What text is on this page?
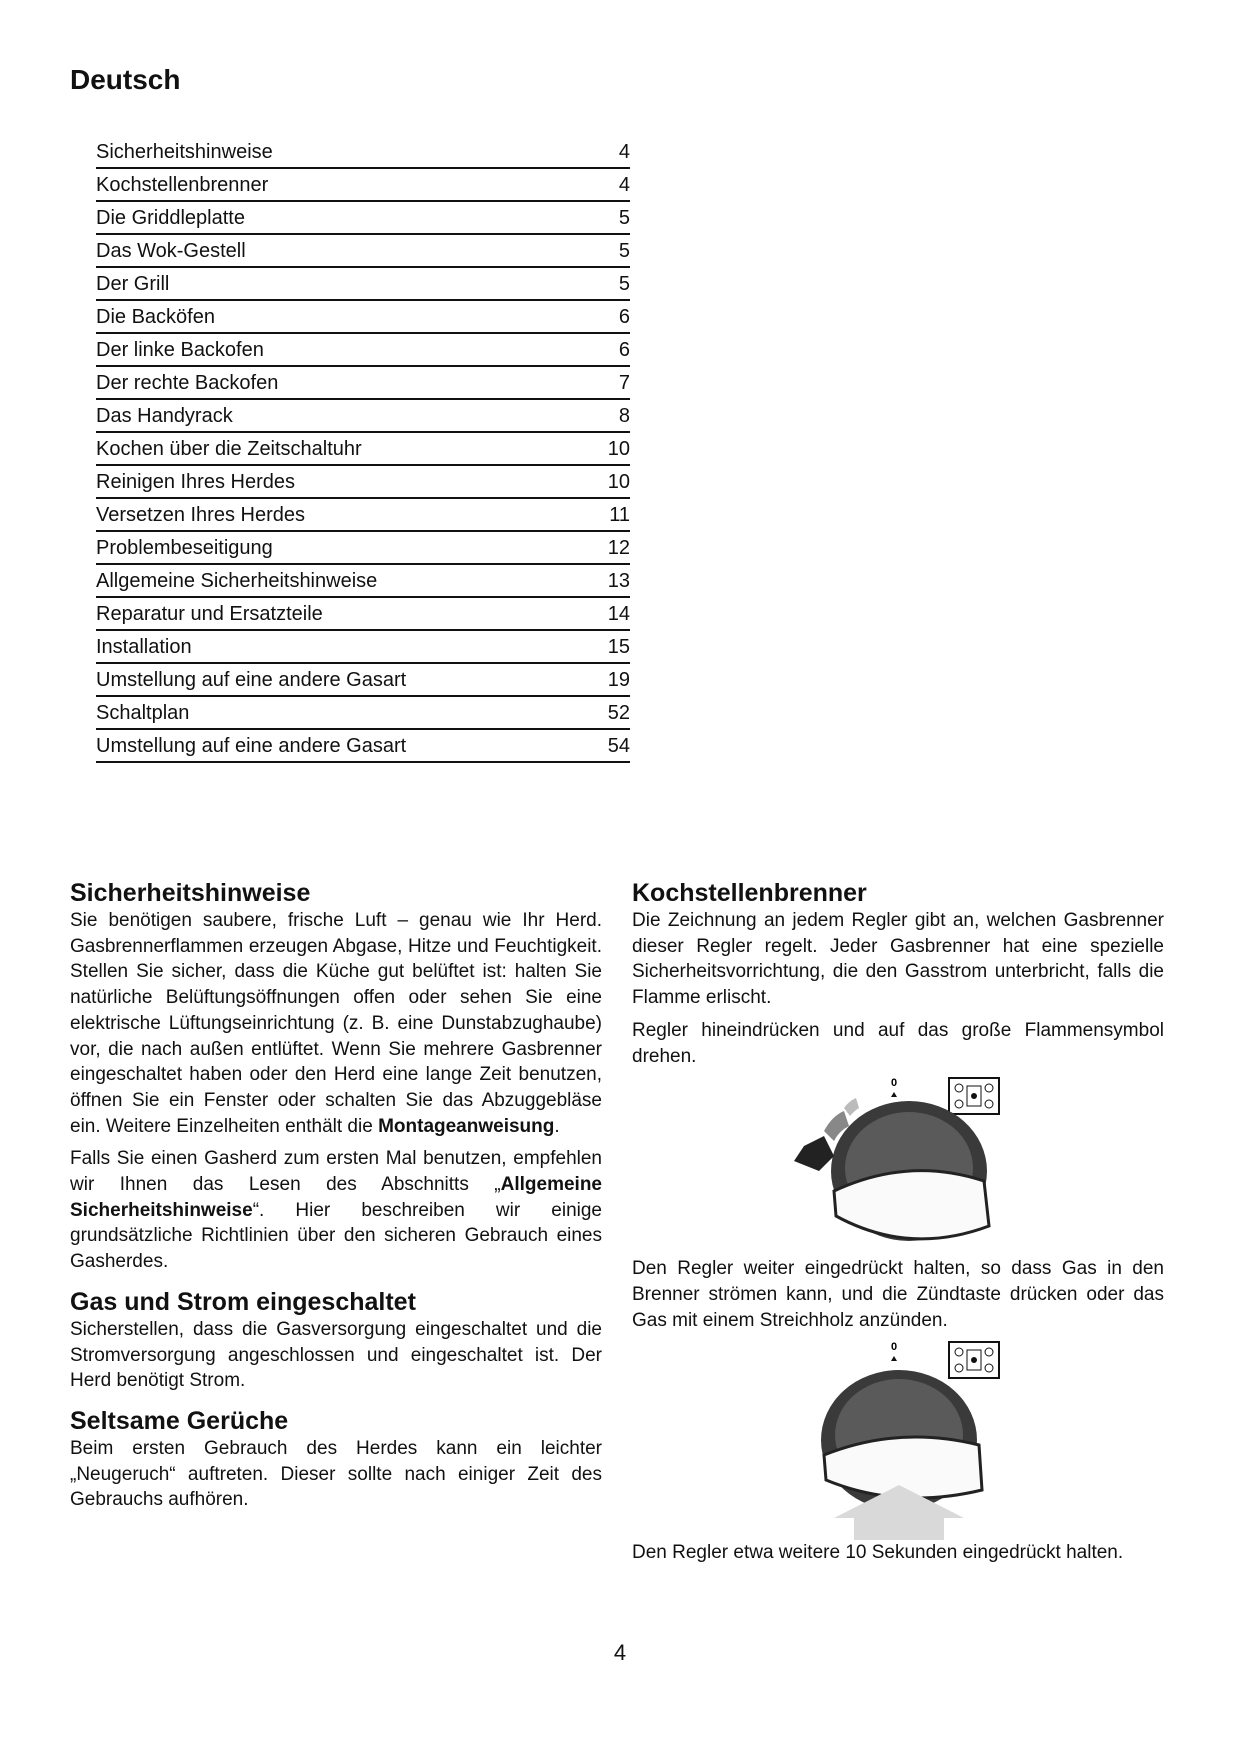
Deutsch
Sicherheitshinweise	4
Kochstellenbrenner	4
Die Griddleplatte	5
Das Wok-Gestell	5
Der Grill	5
Die Backöfen	6
Der linke Backofen	6
Der rechte Backofen	7
Das Handyrack	8
Kochen über die Zeitschaltuhr	10
Reinigen Ihres Herdes	10
Versetzen Ihres Herdes	11
Problembeseitigung	12
Allgemeine Sicherheitshinweise	13
Reparatur und Ersatzteile	14
Installation	15
Umstellung auf eine andere Gasart	19
Schaltplan	52
Umstellung auf eine andere Gasart	54
Sicherheitshinweise

Sie benötigen saubere, frische Luft – genau wie Ihr Herd. Gasbrennerflammen erzeugen Abgase, Hitze und Feuchtigkeit. Stellen Sie sicher, dass die Küche gut belüftet ist: halten Sie natürliche Belüftungsöffnungen offen oder sehen Sie eine elektrische Lüftungseinrichtung (z. B. eine Dunstabzughaube) vor, die nach außen entlüftet. Wenn Sie mehrere Gasbrenner eingeschaltet haben oder den Herd eine lange Zeit benutzen, öffnen Sie ein Fenster oder schalten Sie das Abzuggebläse ein. Weitere Einzelheiten enthält die Montageanweisung.

Falls Sie einen Gasherd zum ersten Mal benutzen, empfehlen wir Ihnen das Lesen des Abschnitts „Allgemeine Sicherheitshinweise“. Hier beschreiben wir einige grundsätzliche Richtlinien über den sicheren Gebrauch eines Gasherdes.

Gas und Strom eingeschaltet

Sicherstellen, dass die Gasversorgung eingeschaltet und die Stromversorgung angeschlossen und eingeschaltet ist. Der Herd benötigt Strom.

Seltsame Gerüche

Beim ersten Gebrauch des Herdes kann ein leichter „Neugeruch“ auftreten. Dieser sollte nach einiger Zeit des Gebrauchs aufhören.

Kochstellenbrenner

Die Zeichnung an jedem Regler gibt an, welchen Gasbrenner dieser Regler regelt. Jeder Gasbrenner hat eine spezielle Sicherheitsvorrichtung, die den Gasstrom unterbricht, falls die Flamme erlischt.

Regler hineindrücken und auf das große Flammensymbol drehen.

0

Den Regler weiter eingedrückt halten, so dass Gas in den Brenner strömen kann, und die Zündtaste drücken oder das Gas mit einem Streichholz anzünden.

0

Den Regler etwa weitere 10 Sekunden eingedrückt halten.

4
